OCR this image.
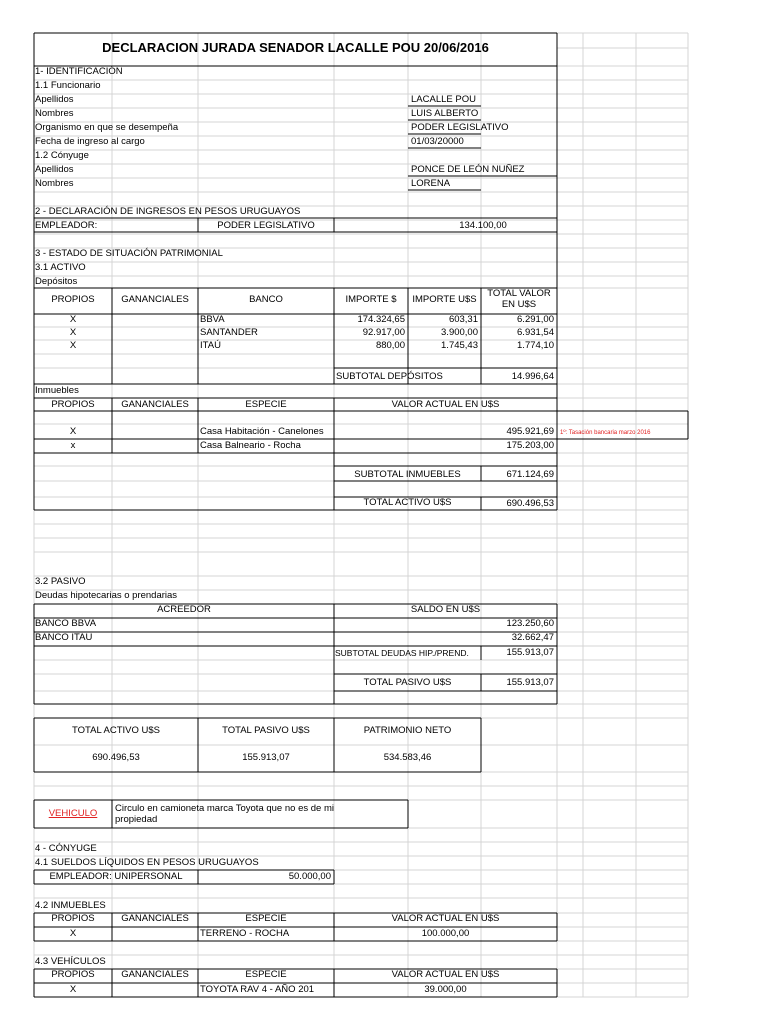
DECLARACION JURADA SENADOR LACALLE POU 20/06/2016
1- IDENTIFICACIÓN
1.1 Funcionario
Apellidos	LACALLE POU
Nombres	LUIS ALBERTO
Organismo en que se desempeña	PODER LEGISLATIVO
Fecha de ingreso al cargo	01/03/20000
1.2 Cónyuge
Apellidos	PONCE DE LEÓN NUÑEZ
Nombres	LORENA
2 - DECLARACIÓN DE INGRESOS EN PESOS URUGUAYOS
EMPLEADOR:	PODER LEGISLATIVO	134.100,00
3 - ESTADO DE SITUACIÓN PATRIMONIAL
3.1 ACTIVO
Depósitos
PROPIOS	GANANCIALES	BANCO	IMPORTE $	IMPORTE U$S
TOTAL VALOR
EN U$S
X	BBVA	174.324,65	603,31	6.291,00
X	SANTANDER	92.917,00	3.900,00	6.931,54
X	ITAÚ	880,00	1.745,43	1.774,10
SUBTOTAL DEPÓSITOS	14.996,64
Inmuebles
PROPIOS	GANANCIALES	ESPECIE	VALOR ACTUAL EN U$S
X	Casa Habitación - Canelones	495.921,69 1º: Tasación bancaria marzo 2016
x	Casa Balneario - Rocha	175.203,00
SUBTOTAL INMUEBLES	671.124,69
TOTAL ACTIVO U$S	690.496,53
3.2 PASIVO
Deudas hipotecarias o prendarias
ACREEDOR	SALDO EN U$S
BANCO BBVA	123.250,60
BANCO ITAU	32.662,47
SUBTOTAL DEUDAS HIP./PREND.	155.913,07
TOTAL PASIVO U$S	155.913,07
TOTAL ACTIVO U$S	TOTAL PASIVO U$S	PATRIMONIO NETO
690.496,53	155.913,07	534.583,46
VEHICULO	Circulo en camioneta marca Toyota que no es de mi
propiedad
4 - CÓNYUGE
4.1 SUELDOS LÍQUIDOS EN PESOS URUGUAYOS
EMPLEADOR: UNIPERSONAL	50.000,00
4.2 INMUEBLES
PROPIOS	GANANCIALES	ESPECIE	VALOR ACTUAL EN U$S
X	TERRENO - ROCHA	100.000,00
4.3 VEHÍCULOS
PROPIOS	GANANCIALES	ESPECIE	VALOR ACTUAL EN U$S
X	TOYOTA RAV 4 - AÑO 201	39.000,00
